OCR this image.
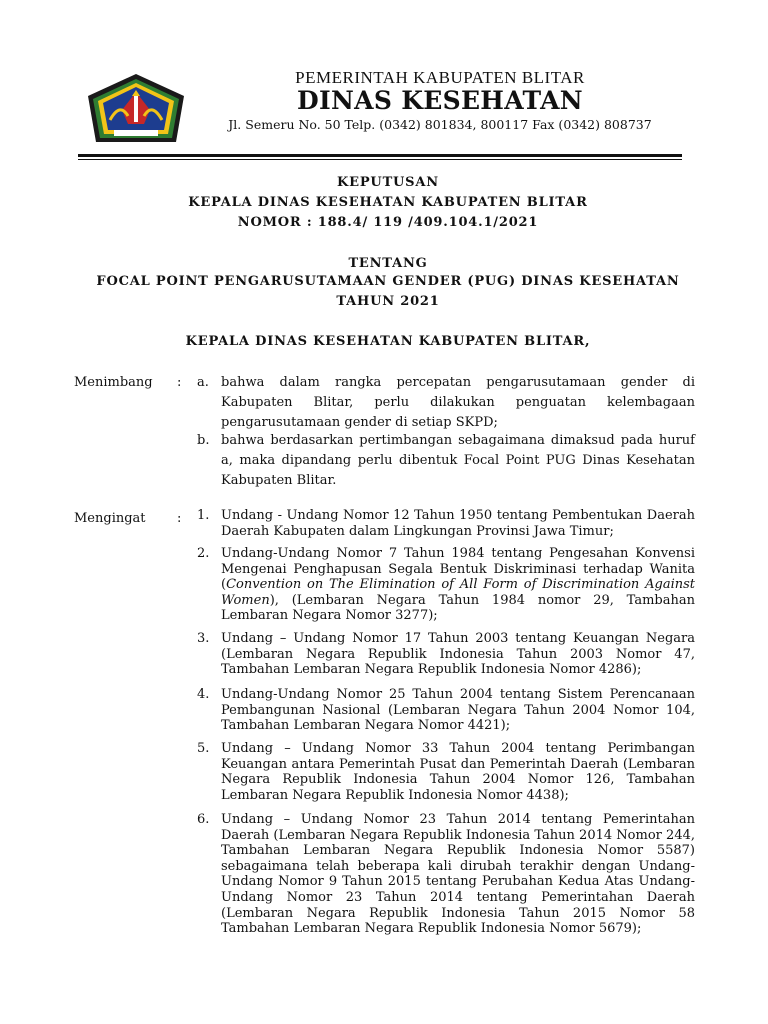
PEMERINTAH KABUPATEN BLITAR
DINAS KESEHATAN
Jl. Semeru No. 50 Telp. (0342) 801834, 800117 Fax (0342) 808737
KEPUTUSAN
KEPALA DINAS KESEHATAN KABUPATEN BLITAR
NOMOR : 188.4/ 119 /409.104.1/2021
TENTANG
FOCAL POINT PENGARUSUTAMAAN GENDER (PUG) DINAS KESEHATAN
TAHUN 2021
KEPALA DINAS KESEHATAN KABUPATEN BLITAR,
Menimbang : a. bahwa dalam rangka percepatan pengarusutamaan gender di Kabupaten Blitar, perlu dilakukan penguatan kelembagaan pengarusutamaan gender di setiap SKPD;
b. bahwa berdasarkan pertimbangan sebagaimana dimaksud pada huruf a, maka dipandang perlu dibentuk Focal Point PUG Dinas Kesehatan Kabupaten Blitar.
Mengingat : 1. Undang - Undang Nomor 12 Tahun 1950 tentang Pembentukan Daerah Daerah Kabupaten dalam Lingkungan Provinsi Jawa Timur;
2. Undang-Undang Nomor 7 Tahun 1984 tentang Pengesahan Konvensi Mengenai Penghapusan Segala Bentuk Diskriminasi terhadap Wanita (Convention on The Elimination of All Form of Discrimination Against Women), (Lembaran Negara Tahun 1984 nomor 29, Tambahan Lembaran Negara Nomor 3277);
3. Undang – Undang Nomor 17 Tahun 2003 tentang Keuangan Negara (Lembaran Negara Republik Indonesia Tahun 2003 Nomor 47, Tambahan Lembaran Negara Republik Indonesia Nomor 4286);
4. Undang-Undang Nomor 25 Tahun 2004 tentang Sistem Perencanaan Pembangunan Nasional (Lembaran Negara Tahun 2004 Nomor 104, Tambahan Lembaran Negara Nomor 4421);
5. Undang – Undang Nomor 33 Tahun 2004 tentang Perimbangan Keuangan antara Pemerintah Pusat dan Pemerintah Daerah (Lembaran Negara Republik Indonesia Tahun 2004 Nomor 126, Tambahan Lembaran Negara Republik Indonesia Nomor 4438);
6. Undang – Undang Nomor 23 Tahun 2014 tentang Pemerintahan Daerah (Lembaran Negara Republik Indonesia Tahun 2014 Nomor 244, Tambahan Lembaran Negara Republik Indonesia Nomor 5587) sebagaimana telah beberapa kali dirubah terakhir dengan Undang-Undang Nomor 9 Tahun 2015 tentang Perubahan Kedua Atas Undang-Undang Nomor 23 Tahun 2014 tentang Pemerintahan Daerah (Lembaran Negara Republik Indonesia Tahun 2015 Nomor 58 Tambahan Lembaran Negara Republik Indonesia Nomor 5679);
